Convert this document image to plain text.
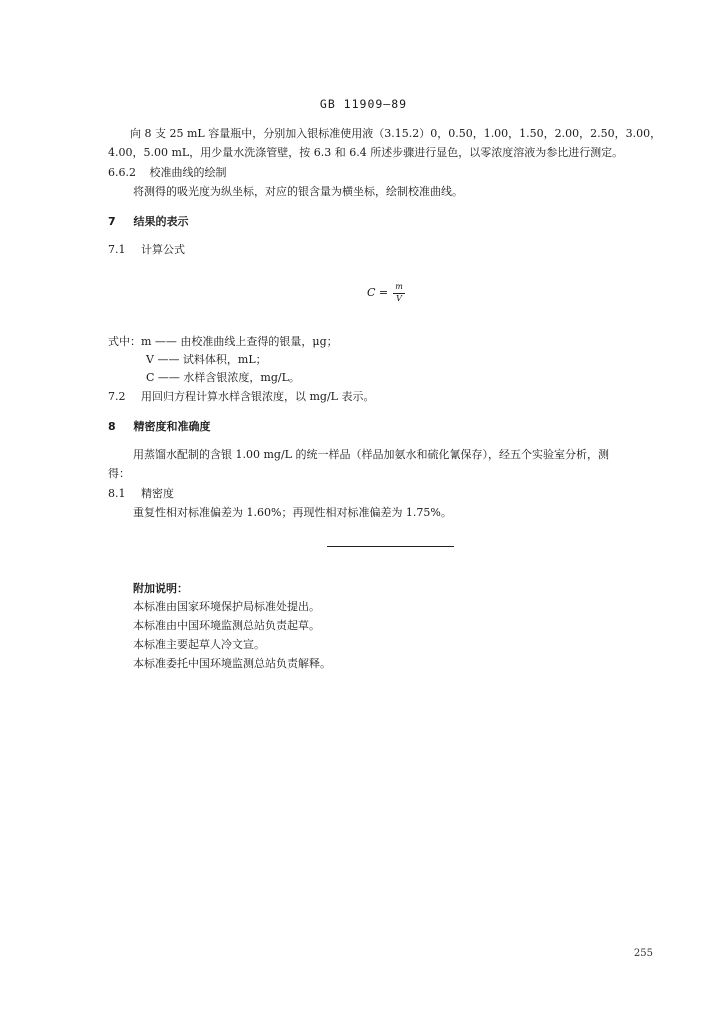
GB 11909—89
向 8 支 25 mL 容量瓶中，分别加入银标准使用液（3.15.2）0，0.50，1.00，1.50，2.00，2.50，3.00，
4.00，5.00 mL，用少量水洗涤管壁，按 6.3 和 6.4 所述步骤进行显色，以零浓度溶液为参比进行测定。
6.6.2 校准曲线的绘制
将测得的吸光度为纵坐标，对应的银含量为横坐标，绘制校准曲线。
7 结果的表示
7.1 计算公式
C = m
V
式中：m —— 由校准曲线上查得的银量，μg；
V —— 试料体积，mL；
C —— 水样含银浓度，mg/L。
7.2 用回归方程计算水样含银浓度，以 mg/L 表示。
8 精密度和准确度
用蒸馏水配制的含银 1.00 mg/L 的统一样品（样品加氨水和硫化氰保存），经五个实验室分析，测
得：
8.1 精密度
重复性相对标准偏差为 1.60%；再现性相对标准偏差为 1.75%。
附加说明：
本标准由国家环境保护局标准处提出。
本标准由中国环境监测总站负责起草。
本标准主要起草人冷文宣。
本标准委托中国环境监测总站负责解释。
255
